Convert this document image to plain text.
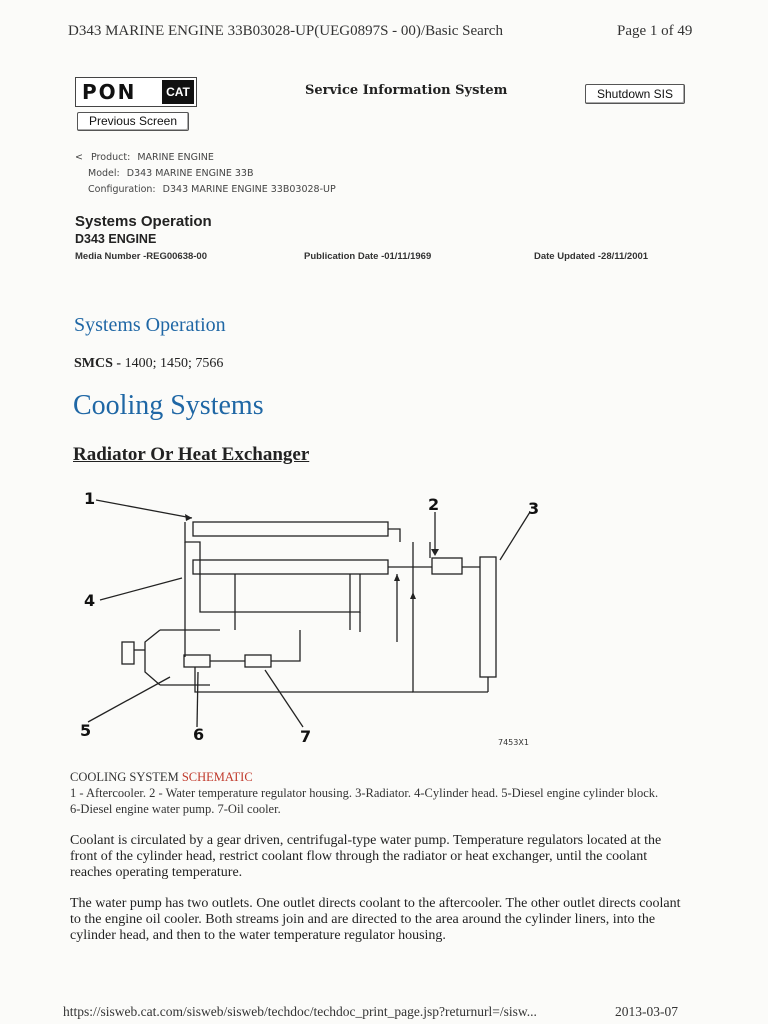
D343 MARINE ENGINE 33B03028-UP(UEG0897S - 00)/Basic Search	Page 1 of 49
PON	CAT	Service Information System	Shutdown SIS
Previous Screen
< Product: MARINE ENGINE
Model: D343 MARINE ENGINE 33B
Configuration: D343 MARINE ENGINE 33B03028-UP
Systems Operation
D343 ENGINE
Media Number -REG00638-00	Publication Date -01/11/1969	Date Updated -28/11/2001
Systems Operation
SMCS - 1400; 1450; 7566
Cooling Systems
Radiator Or Heat Exchanger
1	2	3
4
5	6	7	7453X1
COOLING SYSTEM SCHEMATIC
1 - Aftercooler. 2 - Water temperature regulator housing. 3-Radiator. 4-Cylinder head. 5-Diesel engine cylinder block.
6-Diesel engine water pump. 7-Oil cooler.
Coolant is circulated by a gear driven, centrifugal-type water pump. Temperature regulators located at the front of the cylinder head, restrict coolant flow through the radiator or heat exchanger, until the coolant reaches operating temperature.
The water pump has two outlets. One outlet directs coolant to the aftercooler. The other outlet directs coolant to the engine oil cooler. Both streams join and are directed to the area around the cylinder liners, into the cylinder head, and then to the water temperature regulator housing.
https://sisweb.cat.com/sisweb/sisweb/techdoc/techdoc_print_page.jsp?returnurl=/sisw...	2013-03-07
